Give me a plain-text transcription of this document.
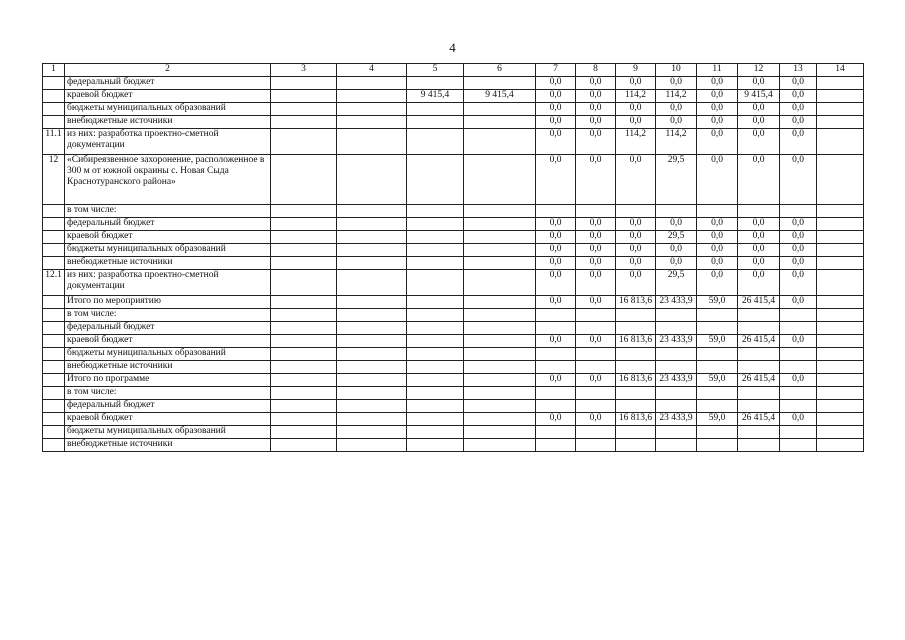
4
1	2	3	4	5	6	7	8	9	10	11	12	13	14
	федеральный бюджет					0,0	0,0	0,0	0,0	0,0	0,0	0,0	
	краевой бюджет			9 415,4	9 415,4	0,0	0,0	114,2	114,2	0,0	9 415,4	0,0	
	бюджеты муниципальных образований					0,0	0,0	0,0	0,0	0,0	0,0	0,0	
	внебюджетные источники					0,0	0,0	0,0	0,0	0,0	0,0	0,0	
11.1	из них: разработка проектно-сметной документации					0,0	0,0	114,2	114,2	0,0	0,0	0,0	
12	«Сибиреязвенное захоронение, расположенное в 300 м от южной окраины с. Новая Сыда Краснотуранского района»					0,0	0,0	0,0	29,5	0,0	0,0	0,0	
	в том числе:												
	федеральный бюджет					0,0	0,0	0,0	0,0	0,0	0,0	0,0	
	краевой бюджет					0,0	0,0	0,0	29,5	0,0	0,0	0,0	
	бюджеты муниципальных образований					0,0	0,0	0,0	0,0	0,0	0,0	0,0	
	внебюджетные источники					0,0	0,0	0,0	0,0	0,0	0,0	0,0	
12.1	из них: разработка проектно-сметной документации					0,0	0,0	0,0	29,5	0,0	0,0	0,0	
	Итого по мероприятию					0,0	0,0	16 813,6	23 433,9	59,0	26 415,4	0,0	
	в том числе:												
	федеральный бюджет												
	краевой бюджет					0,0	0,0	16 813,6	23 433,9	59,0	26 415,4	0,0	
	бюджеты муниципальных образований												
	внебюджетные источники												
	Итого по программе					0,0	0,0	16 813,6	23 433,9	59,0	26 415,4	0,0	
	в том числе:												
	федеральный бюджет												
	краевой бюджет					0,0	0,0	16 813,6	23 433,9	59,0	26 415,4	0,0	
	бюджеты муниципальных образований												
	внебюджетные источники												
